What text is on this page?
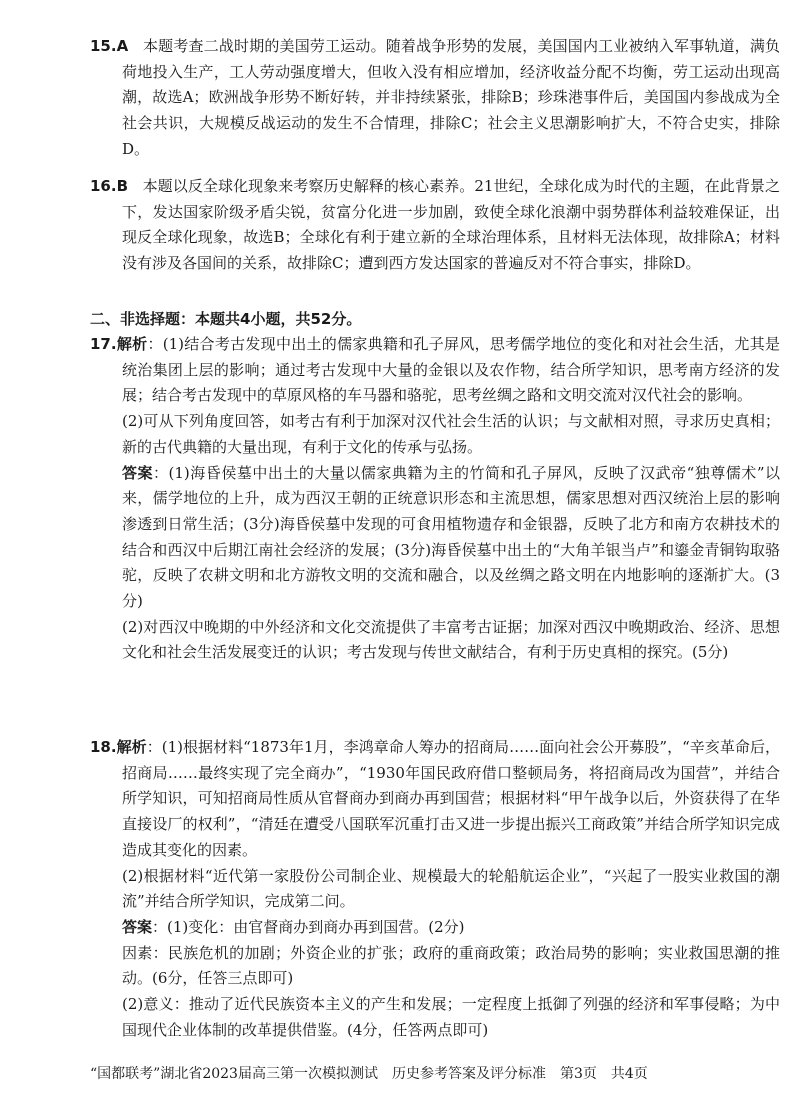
15.A 本题考查二战时期的美国劳工运动。随着战争形势的发展，美国国内工业被纳入军事轨道，满负荷地投入生产，工人劳动强度增大，但收入没有相应增加，经济收益分配不均衡，劳工运动出现高潮，故选A；欧洲战争形势不断好转，并非持续紧张，排除B；珍珠港事件后，美国国内参战成为全社会共识，大规模反战运动的发生不合情理，排除C；社会主义思潮影响扩大，不符合史实，排除D。

16.B 本题以反全球化现象来考察历史解释的核心素养。21世纪，全球化成为时代的主题，在此背景之下，发达国家阶级矛盾尖锐，贫富分化进一步加剧，致使全球化浪潮中弱势群体利益较难保证，出现反全球化现象，故选B；全球化有利于建立新的全球治理体系，且材料无法体现，故排除A；材料没有涉及各国间的关系，故排除C；遭到西方发达国家的普遍反对不符合事实，排除D。

二、非选择题：本题共4小题，共52分。

17.解析：(1)结合考古发现中出土的儒家典籍和孔子屏风，思考儒学地位的变化和对社会生活，尤其是统治集团上层的影响；通过考古发现中大量的金银以及农作物，结合所学知识，思考南方经济的发展；结合考古发现中的草原风格的车马器和骆驼，思考丝绸之路和文明交流对汉代社会的影响。

(2)可从下列角度回答，如考古有利于加深对汉代社会生活的认识；与文献相对照，寻求历史真相；新的古代典籍的大量出现，有利于文化的传承与弘扬。

答案：(1)海昏侯墓中出土的大量以儒家典籍为主的竹简和孔子屏风，反映了汉武帝“独尊儒术”以来，儒学地位的上升，成为西汉王朝的正统意识形态和主流思想，儒家思想对西汉统治上层的影响渗透到日常生活；(3分)海昏侯墓中发现的可食用植物遗存和金银器，反映了北方和南方农耕技术的结合和西汉中后期江南社会经济的发展；(3分)海昏侯墓中出土的“大角羊银当卢”和鎏金青铜钩取骆驼，反映了农耕文明和北方游牧文明的交流和融合，以及丝绸之路文明在内地影响的逐渐扩大。(3分)

(2)对西汉中晚期的中外经济和文化交流提供了丰富考古证据；加深对西汉中晚期政治、经济、思想文化和社会生活发展变迁的认识；考古发现与传世文献结合，有利于历史真相的探究。(5分)

18.解析：(1)根据材料“1873年1月，李鸿章命人筹办的招商局……面向社会公开募股”，“辛亥革命后，招商局……最终实现了完全商办”，“1930年国民政府借口整顿局务，将招商局改为国营”，并结合所学知识，可知招商局性质从官督商办到商办再到国营；根据材料“甲午战争以后，外资获得了在华直接设厂的权利”，“清廷在遭受八国联军沉重打击又进一步提出振兴工商政策”并结合所学知识完成造成其变化的因素。

(2)根据材料“近代第一家股份公司制企业、规模最大的轮船航运企业”，“兴起了一股实业救国的潮流”并结合所学知识，完成第二问。

答案：(1)变化：由官督商办到商办再到国营。(2分)

因素：民族危机的加剧；外资企业的扩张；政府的重商政策；政治局势的影响；实业救国思潮的推动。(6分，任答三点即可)

(2)意义：推动了近代民族资本主义的产生和发展；一定程度上抵御了列强的经济和军事侵略；为中国现代企业体制的改革提供借鉴。(4分，任答两点即可)

“国都联考”湖北省2023届高三第一次模拟测试　历史参考答案及评分标准　第3页　共4页
